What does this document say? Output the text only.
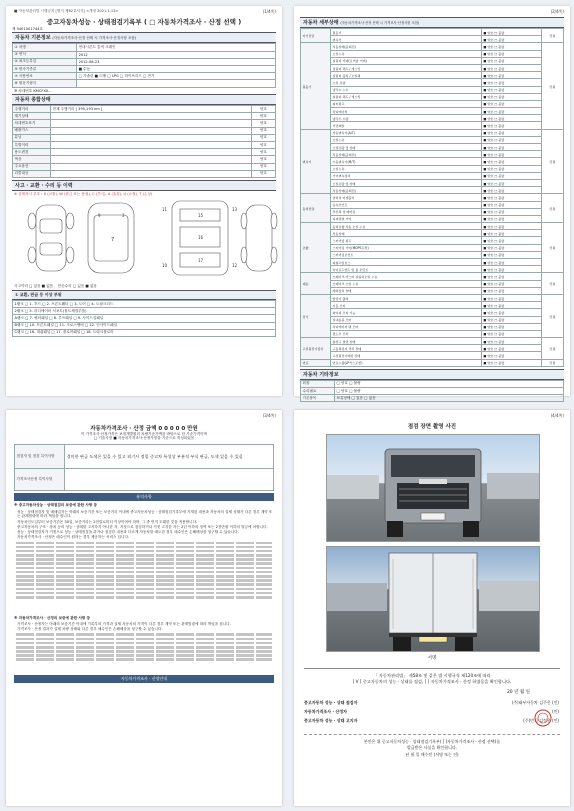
■ 자동차관리법 시행규칙 [별지 제82호서식] <개정 2021.1.13>	(1/4쪽)
중고자동차성능 · 상태점검기록부 ( □ 자동차가격조사 · 산정 선택 )
제 5401001744호
자동차 기본정보 (자동차가격조사·산정 선택 시 가격조사·산정사항 포함)
① 차명	현대시론트 통역 크레인
③ 연식	2012
④ 최초등록일	2012-08-23
⑤ 변속기종류	■ 수동
⑦ 사용연료	□ 가솔린 ■ 디젤 □ LPG □ 하이브리드 □ 전기
⑧ 원동기형식	
⑨ 차대번호 KMCFXX...
자동차 종합상태
주행거리	현재 주행거리 [ 395,193 km ]	양호
계기상태		양호
차대번호표기		양호
배출가스		양호
튜닝		양호
특별이력		양호
용도변경		양호
색상		양호
주요옵션		양호
리콜대상		양호
사고 · 교환 · 수리 등 이력
※ 상태표시 부호 : X (교환), W (판금 또는 용접), C (부식), A (흠집), U (요철), T (손상)
7
9	3	15
16
17
11	13
10	12
사고이력 □ 있음 ■ 없음 단순수리 □ 있음 ■ 없음
① 교환, 판금 등 이상 부위
1랭크 □ 1. 후드 □ 2. 프론트휀더 □ 3. 도어 □ 4. 트렁크리드
2랭크 □ 5. 라디에이터 서포트(볼트체결부품)
A랭크 □ 7. 쿼터패널 □ 8. 루프패널 □ 9. 사이드실패널
B랭크 □ 10. 프론트패널 □ 11. 크로스멤버 □ 12. 인사이드패널
C랭크 □ 16. 대쉬패널 □ 17. 플로어패널 □ 18. 트렁크플로어
(2/4쪽)
자동차 세부상태 (자동차가격조사·산정 선택 시 가격조사·산정사항 포함)
자기진단	원동기	■ 양호 □ 불량	만원
	변속기	■ 양호 □ 불량	
원동기	작동상태(공회전)	■ 양호 □ 불량	만원
	오일누유	■ 양호 □ 불량	
	실린더 커버(로커암 커버)	■ 양호 □ 불량	
	실린더 헤드 / 개스킷	■ 양호 □ 불량	
	실린더 블록 / 오일팬	■ 양호 □ 불량	
	오일 유량	■ 양호 □ 불량	
	냉각수 누수	■ 양호 □ 불량	
	실린더 헤드 / 개스킷	■ 양호 □ 불량	
	워터펌프	■ 양호 □ 불량	
	라디에이터	■ 양호 □ 불량	
	냉각수 수량	■ 양호 □ 불량	
	커먼레일	■ 양호 □ 불량	
변속기	자동변속기(A/T)	■ 양호 □ 불량	만원
	오일누유	■ 양호 □ 불량	
	오일유량 및 상태	■ 양호 □ 불량	
	작동상태(공회전)	■ 양호 □ 불량	
	수동변속기(M/T)	■ 양호 □ 불량	
	오일누유	■ 양호 □ 불량	
	기어변속장치	■ 양호 □ 불량	
	오일유량 및 상태	■ 양호 □ 불량	
	작동상태(공회전)	■ 양호 □ 불량	
동력전달	클러치 어셈블리	■ 양호 □ 불량	만원
	등속조인트	■ 양호 □ 불량	
	추진축 및 베어링	■ 양호 □ 불량	
	디퍼렌셜 기어	■ 양호 □ 불량	
조향	동력조향 작동 오일 누유	■ 양호 □ 불량	만원
	작동상태	■ 양호 □ 불량	
	스티어링 펌프	■ 양호 □ 불량	
	스티어링 기어(MDPS포함)	■ 양호 □ 불량	
	스티어링조인트	■ 양호 □ 불량	
	파워고압호스	■ 양호 □ 불량	
	타이로드엔드 및 볼 조인트	■ 양호 □ 불량	
제동	브레이크 마스터 실린더오일 누유	■ 양호 □ 불량	만원
	브레이크 오일 누유	■ 양호 □ 불량	
	배력장치 상태	■ 양호 □ 불량	
전기	발전기 출력	■ 양호 □ 불량	만원
	시동 모터	■ 양호 □ 불량	
	와이퍼 모터 기능	■ 양호 □ 불량	
	실내송풍 모터	■ 양호 □ 불량	
	라디에이터 팬 모터	■ 양호 □ 불량	
	윈도우 모터	■ 양호 □ 불량	
고전원전기장치	충전구 절연 상태	■ 양호 □ 불량	만원
	구동축전지 격리 상태	■ 양호 □ 불량	
	고전원전기배선 상태	■ 양호 □ 불량	
연료	연료누출(LP가스포함)	■ 양호 □ 불량	만원
자동차 기타정보
외장	□ 양호 □ 불량
수리필요	□ 양호 □ 불량
기본품목	보유상태 □ 있음 □ 없음
(3/4쪽)
자동차가격조사 · 산정 금액 0 0 0 0 0 만원
이 가격조사·산정가격은 보험개발원의 차량기준가액을 바탕으로 한 기준가격이며
□ 기술사항 ■ 자동차가격조사·산정사항을 기준으로 작성되었음
점검자 및 점검 특이사항	경미한 판금 도색은 있을 수 있고 외기시 정밀 중고차 특성상 부분적 부식 판금, 도색 있을 수 있음
가격조사산정 특이사항	
유의사항
※ 중고자동차성능 · 상태점검의 보증에 관한 사항 등
성능 · 상태점검자 및 매매업자는 아래의 보증기간 또는 보증거리 이내에 중고자동차성능 · 상태점검기록부에 기재된 내용과 자동차의 실제 상태가 다른 경우 계약 또는 관계법령에 따라 책임을 집니다.
자동차인도일부터 보증기간은 30일, 보증거리는 2천킬로미터 이상이어야 하며, 그 중 먼저 도래한 것을 적용합니다.
중고자동차의 구조 · 장치 등의 성능 · 상태를 고지하지 아니한 자, 거짓으로 점검하거나 거짓 고지한 자는 2년 이하의 징역 또는 2천만원 이하의 벌금에 처합니다.
성능 · 상태점검자가 거짓으로 성능 · 상태점검을 하거나 점검한 내용과 다르게 자동차를 매도한 경우 매수인은 손해배상을 청구할 수 있습니다.
자동차가격조사 · 산정은 매수인이 원하는 경우 제공하는 서비스 입니다.
※ 자동차가격조사 · 산정의 보증에 관한 사항 등
가격조사 · 산정자는 아래의 보증기간 이내에 기록부의 가격과 실제 자동차의 가격이 다른 경우 계약 또는 관계법령에 따라 책임을 집니다.
가격조사 · 산정 결과가 실제 차량 상태와 다른 경우 매수인은 손해배상을 청구할 수 있습니다.
자동차가격조사 · 산정안내
(4/4쪽)
점검 장면 촬영 사진
서명
「 자동차관리법」 제58조 및 같은 법 시행규칙 제120조에 따라
[ V ] 중고자동차의 성능 · 상태를 점검, [ ] 자동차가격조사 · 산정 하였음을 확인합니다.
20 년 월 일
중고자동차 성능 · 상태 점검자	(주)태부자동차 김주옹 (인)
자동차가격조사 · 산정자	(인)
중고자동차 성능 · 상태 고지자	(주)번지 김정우 (인)
본인은 위 중고자동차성능 · 상태점검기록부( [ ]자동차가격조사 · 산정 선택)를
발급받은 사실을 확인합니다.
년 월 일 매수인 (서명 또는 인)
